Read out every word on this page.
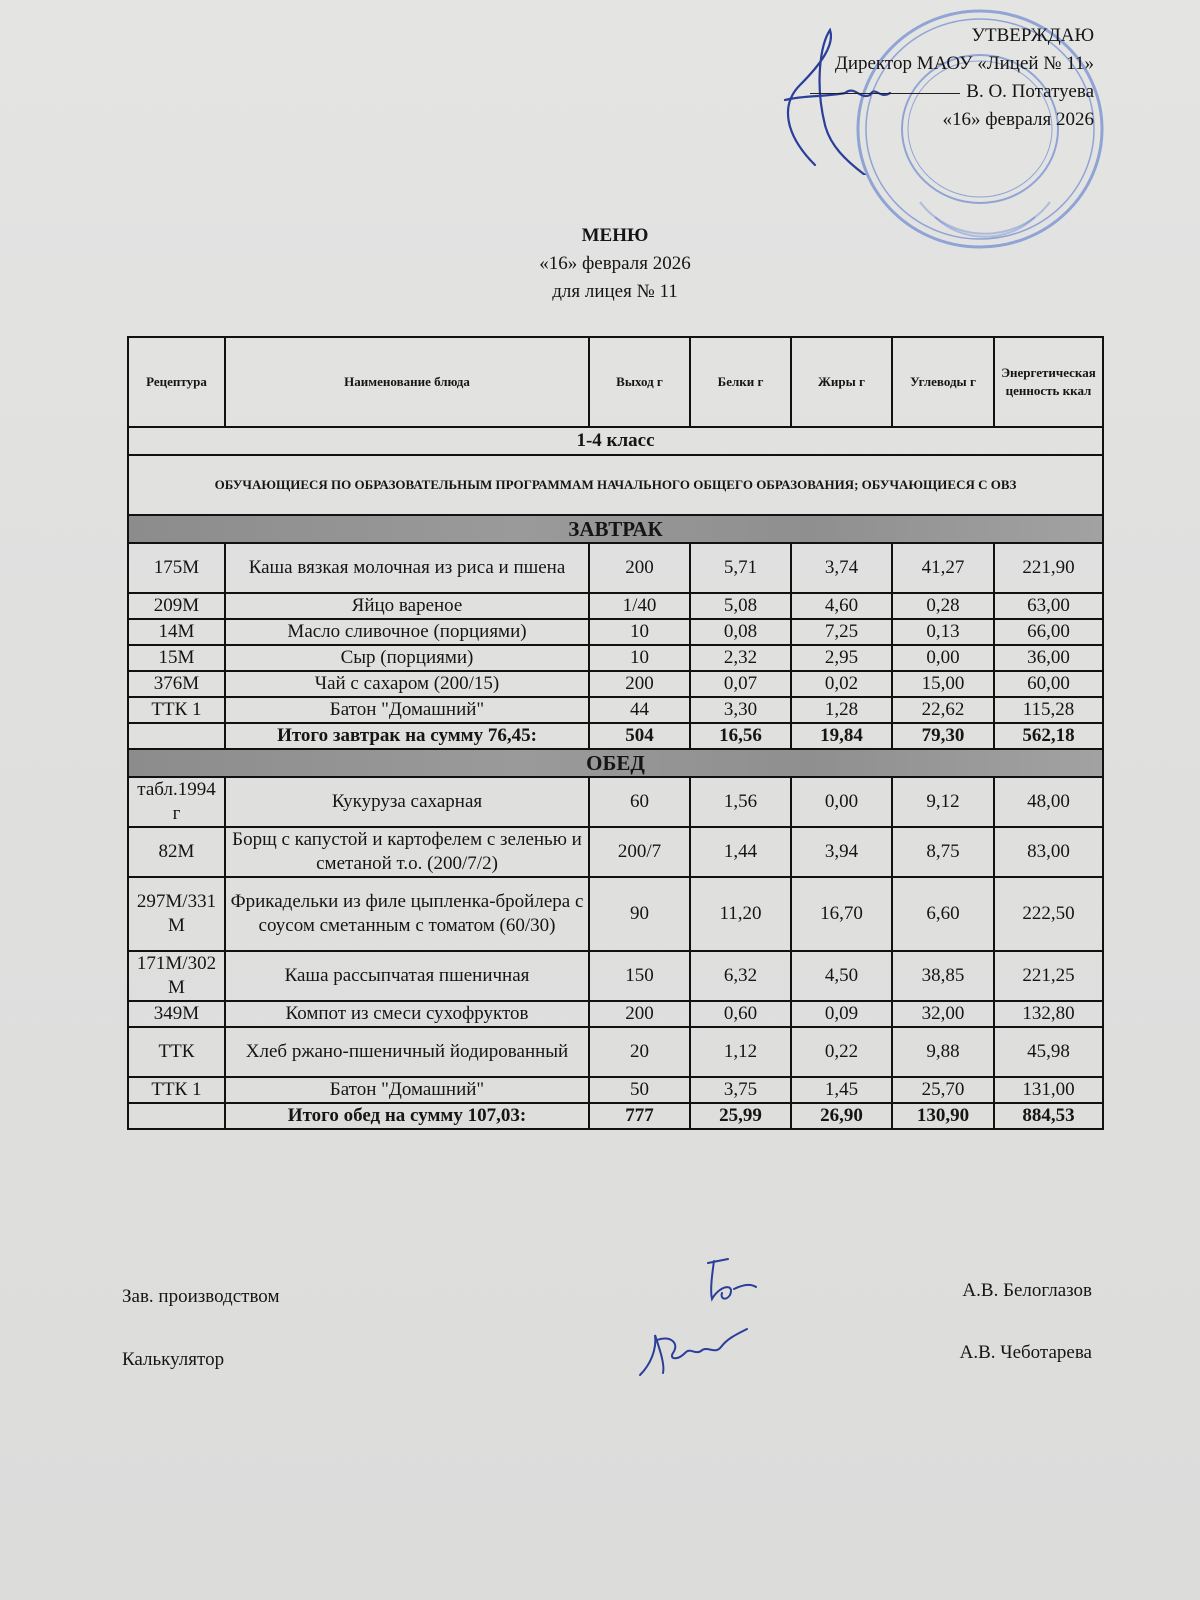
УТВЕРЖДАЮ
Директор МАОУ «Лицей № 11»
В. О. Потатуева
«16» февраля 2026
МЕНЮ
«16» февраля 2026
для лицея № 11
Рецептура	Наименование блюда	Выход г	Белки г	Жиры г	Углеводы г	Энергетическая ценность ккал
1-4 класс						
ОБУЧАЮЩИЕСЯ ПО ОБРАЗОВАТЕЛЬНЫМ ПРОГРАММАМ НАЧАЛЬНОГО ОБЩЕГО ОБРАЗОВАНИЯ; ОБУЧАЮЩИЕСЯ С ОВЗ						
ЗАВТРАК						
175М	Каша вязкая молочная из риса и пшена	200	5,71	3,74	41,27	221,90
209М	Яйцо вареное	1/40	5,08	4,60	0,28	63,00
14М	Масло сливочное (порциями)	10	0,08	7,25	0,13	66,00
15М	Сыр (порциями)	10	2,32	2,95	0,00	36,00
376М	Чай с сахаром (200/15)	200	0,07	0,02	15,00	60,00
ТТК 1	Батон "Домашний"	44	3,30	1,28	22,62	115,28
	Итого завтрак на сумму 76,45:	504	16,56	19,84	79,30	562,18
ОБЕД						
табл.1994 г	Кукуруза сахарная	60	1,56	0,00	9,12	48,00
82М	Борщ с капустой и картофелем с зеленью и сметаной т.о. (200/7/2)	200/7	1,44	3,94	8,75	83,00
297М/331 М	Фрикадельки из филе цыпленка-бройлера с соусом сметанным с томатом (60/30)	90	11,20	16,70	6,60	222,50
171М/302 М	Каша рассыпчатая пшеничная	150	6,32	4,50	38,85	221,25
349М	Компот из смеси сухофруктов	200	0,60	0,09	32,00	132,80
ТТК	Хлеб ржано-пшеничный йодированный	20	1,12	0,22	9,88	45,98
ТТК 1	Батон "Домашний"	50	3,75	1,45	25,70	131,00
	Итого обед на сумму 107,03:	777	25,99	26,90	130,90	884,53
Зав. производством	А.В. Белоглазов
Калькулятор	А.В. Чеботарева
